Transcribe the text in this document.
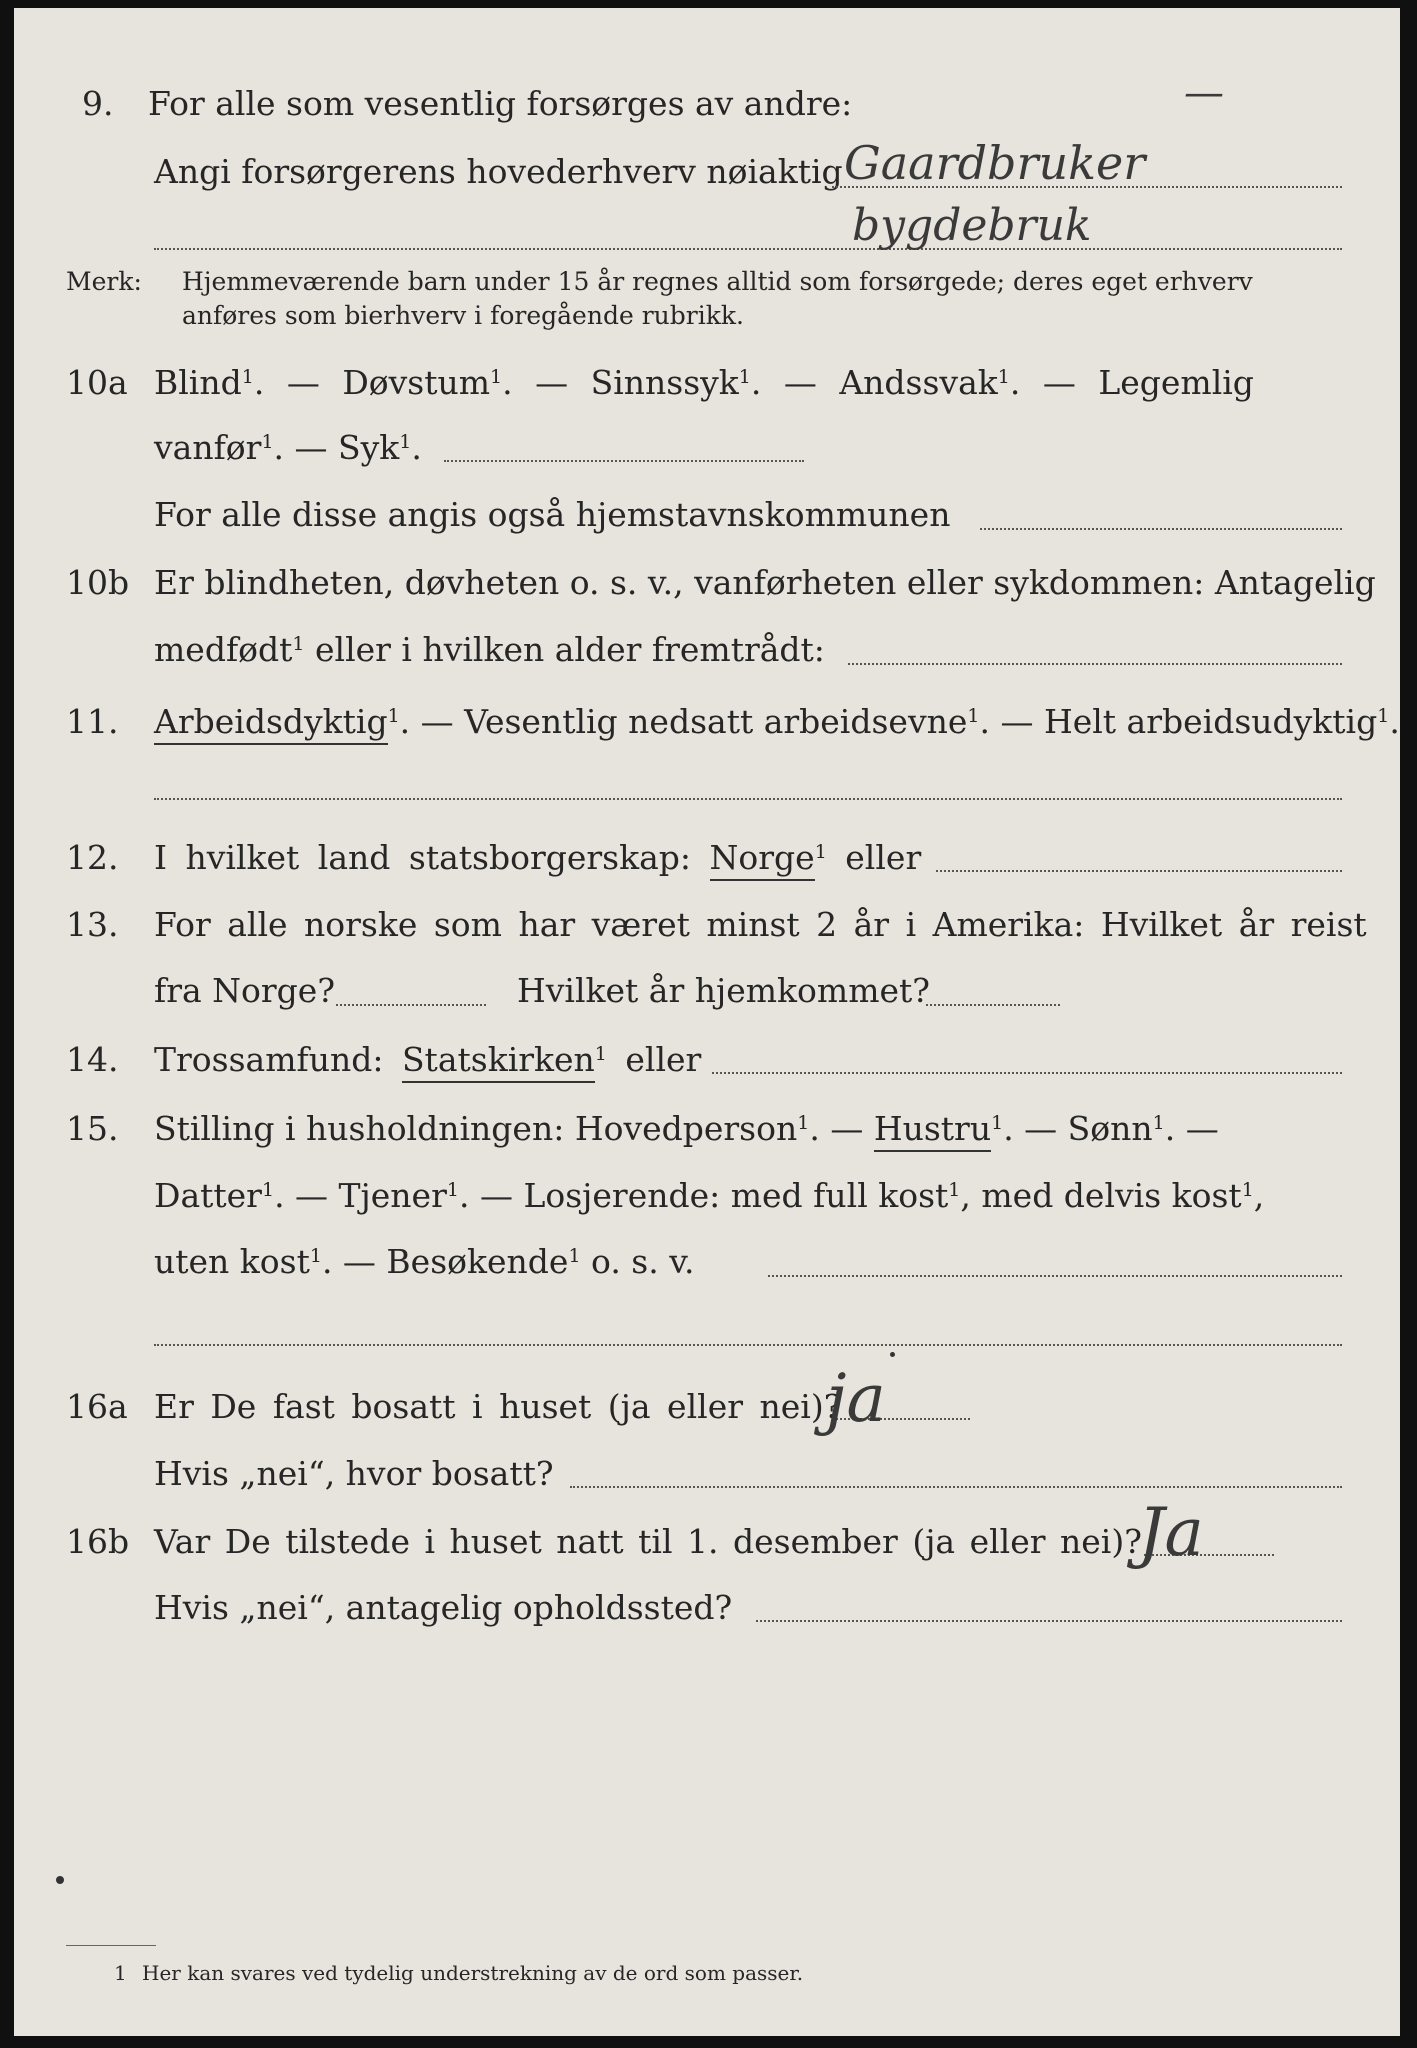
9. For alle som vesentlig forsørges av andre:	—
Angi forsørgerens hovederhverv nøiaktig Gaardbruker
bygdebruk
Merk: Hjemmeværende barn under 15 år regnes alltid som forsørgede; deres eget erhverv
anføres som bierhverv i foregående rubrikk.
10a Blind$^1$. — Døvstum$^1$. — Sinnssyk$^1$. — Andssvak$^1$. — Legemlig
vanfør$^1$. — Syk$^1$.
For alle disse angis også hjemstavnskommunen
10b Er blindheten, døvheten o. s. v., vanførheten eller sykdommen: Antagelig
medfødt$^1$ eller i hvilken alder fremtrådt:
11. Arbeidsdyktig$^1$. — Vesentlig nedsatt arbeidsevne$^1$. — Helt arbeidsudyktig$^1$.
12. I hvilket land statsborgerskap: Norge$^1$ eller
13. For alle norske som har været minst 2 år i Amerika: Hvilket år reist
fra Norge?	Hvilket år hjemkommet?
14. Trossamfund: Statskirken$^1$ eller
15. Stilling i husholdningen: Hovedperson$^1$. — Hustru$^1$. — Sønn$^1$. —
Datter$^1$. — Tjener$^1$. — Losjerende: med full kost$^1$, med delvis kost$^1$,
uten kost$^1$. — Besøkende$^1$ o. s. v.
16a Er De fast bosatt i huset (ja eller nei)?
ja
Hvis „nei“, hvor bosatt?
16b Var De tilstede i huset natt til 1. desember (ja eller nei)?
Ja
Hvis „nei“, antagelig opholdssted?
1 Her kan svares ved tydelig understrekning av de ord som passer.
